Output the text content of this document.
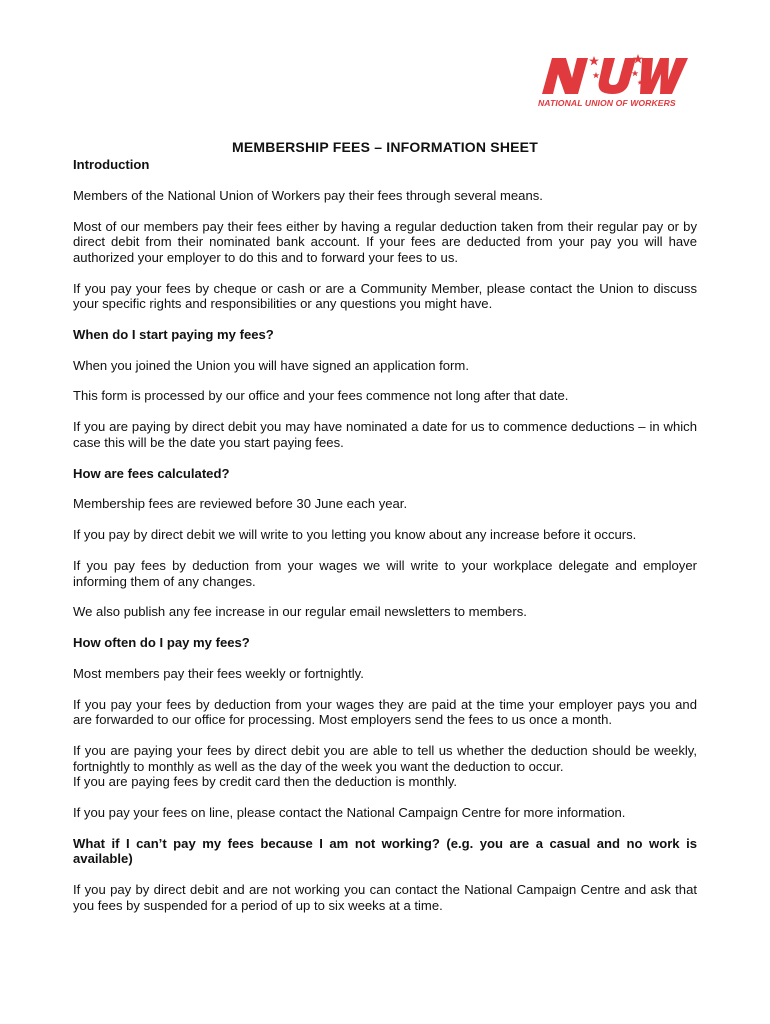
NATIONAL UNION OF WORKERS
MEMBERSHIP FEES – INFORMATION SHEET
Introduction

Members of the National Union of Workers pay their fees through several means.

Most of our members pay their fees either by having a regular deduction taken from their regular pay or by direct debit from their nominated bank account. If your fees are deducted from your pay you will have authorized your employer to do this and to forward your fees to us.

If you pay your fees by cheque or cash or are a Community Member, please contact the Union to discuss your specific rights and responsibilities or any questions you might have.

When do I start paying my fees?

When you joined the Union you will have signed an application form.

This form is processed by our office and your fees commence not long after that date.

If you are paying by direct debit you may have nominated a date for us to commence deductions – in which case this will be the date you start paying fees.

How are fees calculated?

Membership fees are reviewed before 30 June each year.

If you pay by direct debit we will write to you letting you know about any increase before it occurs.

If you pay fees by deduction from your wages we will write to your workplace delegate and employer informing them of any changes.

We also publish any fee increase in our regular email newsletters to members.

How often do I pay my fees?

Most members pay their fees weekly or fortnightly.

If you pay your fees by deduction from your wages they are paid at the time your employer pays you and are forwarded to our office for processing. Most employers send the fees to us once a month.

If you are paying your fees by direct debit you are able to tell us whether the deduction should be weekly, fortnightly to monthly as well as the day of the week you want the deduction to occur.
If you are paying fees by credit card then the deduction is monthly.

If you pay your fees on line, please contact the National Campaign Centre for more information.

What if I can’t pay my fees because I am not working? (e.g. you are a casual and no work is available)

If you pay by direct debit and are not working you can contact the National Campaign Centre and ask that you fees by suspended for a period of up to six weeks at a time.
